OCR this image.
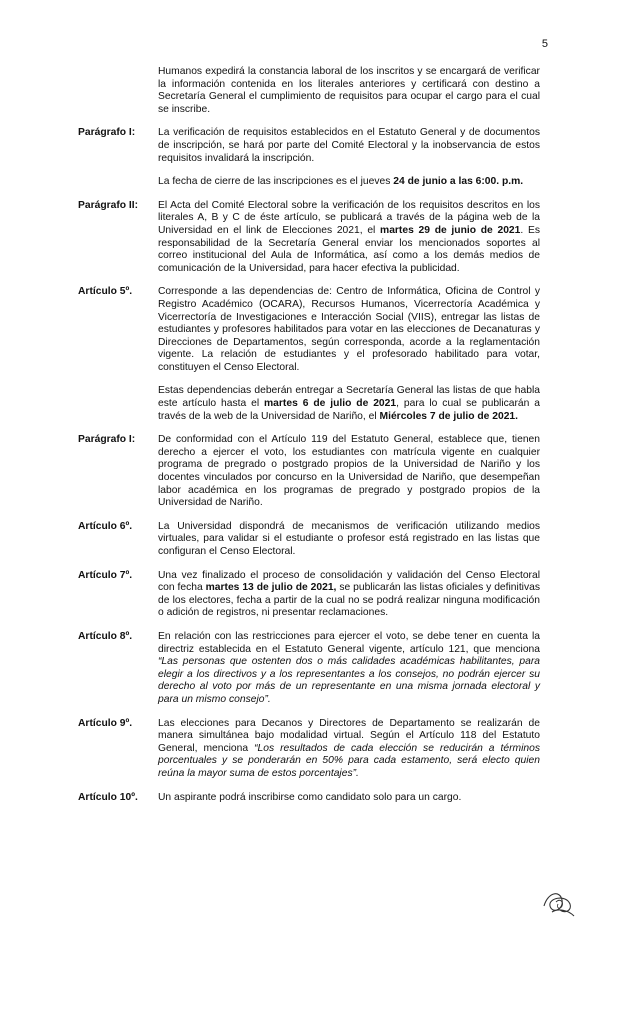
5

Humanos expedirá la constancia laboral de los inscritos y se encargará de verificar la información contenida en los literales anteriores y certificará con destino a Secretaría General el cumplimiento de requisitos para ocupar el cargo para el cual se inscribe.

Parágrafo I:	La verificación de requisitos establecidos en el Estatuto General y de documentos de inscripción, se hará por parte del Comité Electoral y la inobservancia de estos requisitos invalidará la inscripción.

La fecha de cierre de las inscripciones es el jueves 24 de junio a las 6:00. p.m.

Parágrafo II:	El Acta del Comité Electoral sobre la verificación de los requisitos descritos en los literales A, B y C de éste artículo, se publicará a través de la página web de la Universidad en el link de Elecciones 2021, el martes 29 de junio de 2021. Es responsabilidad de la Secretaría General enviar los mencionados soportes al correo institucional del Aula de Informática, así como a los demás medios de comunicación de la Universidad, para hacer efectiva la publicidad.

Artículo 5º.	Corresponde a las dependencias de: Centro de Informática, Oficina de Control y Registro Académico (OCARA), Recursos Humanos, Vicerrectoría Académica y Vicerrectoría de Investigaciones e Interacción Social (VIIS), entregar las listas de estudiantes y profesores habilitados para votar en las elecciones de Decanaturas y Direcciones de Departamentos, según corresponda, acorde a la reglamentación vigente. La relación de estudiantes y el profesorado habilitado para votar, constituyen el Censo Electoral.

Estas dependencias deberán entregar a Secretaría General las listas de que habla este artículo hasta el martes 6 de julio de 2021, para lo cual se publicarán a través de la web de la Universidad de Nariño, el Miércoles 7 de julio de 2021.

Parágrafo I:	De conformidad con el Artículo 119 del Estatuto General, establece que, tienen derecho a ejercer el voto, los estudiantes con matrícula vigente en cualquier programa de pregrado o postgrado propios de la Universidad de Nariño y los docentes vinculados por concurso en la Universidad de Nariño, que desempeñan labor académica en los programas de pregrado y postgrado propios de la Universidad de Nariño.

Artículo 6º.	La Universidad dispondrá de mecanismos de verificación utilizando medios virtuales, para validar si el estudiante o profesor está registrado en las listas que configuran el Censo Electoral.

Artículo 7º.	Una vez finalizado el proceso de consolidación y validación del Censo Electoral con fecha martes 13 de julio de 2021, se publicarán las listas oficiales y definitivas de los electores, fecha a partir de la cual no se podrá realizar ninguna modificación o adición de registros, ni presentar reclamaciones.

Artículo 8º.	En relación con las restricciones para ejercer el voto, se debe tener en cuenta la directriz establecida en el Estatuto General vigente, artículo 121, que menciona “Las personas que ostenten dos o más calidades académicas habilitantes, para elegir a los directivos y a los representantes a los consejos, no podrán ejercer su derecho al voto por más de un representante en una misma jornada electoral y para un mismo consejo”.

Artículo 9º.	Las elecciones para Decanos y Directores de Departamento se realizarán de manera simultánea bajo modalidad virtual. Según el Artículo 118 del Estatuto General, menciona “Los resultados de cada elección se reducirán a términos porcentuales y se ponderarán en 50% para cada estamento, será electo quien reúna la mayor suma de estos porcentajes”.

Artículo 10º.	Un aspirante podrá inscribirse como candidato solo para un cargo.
